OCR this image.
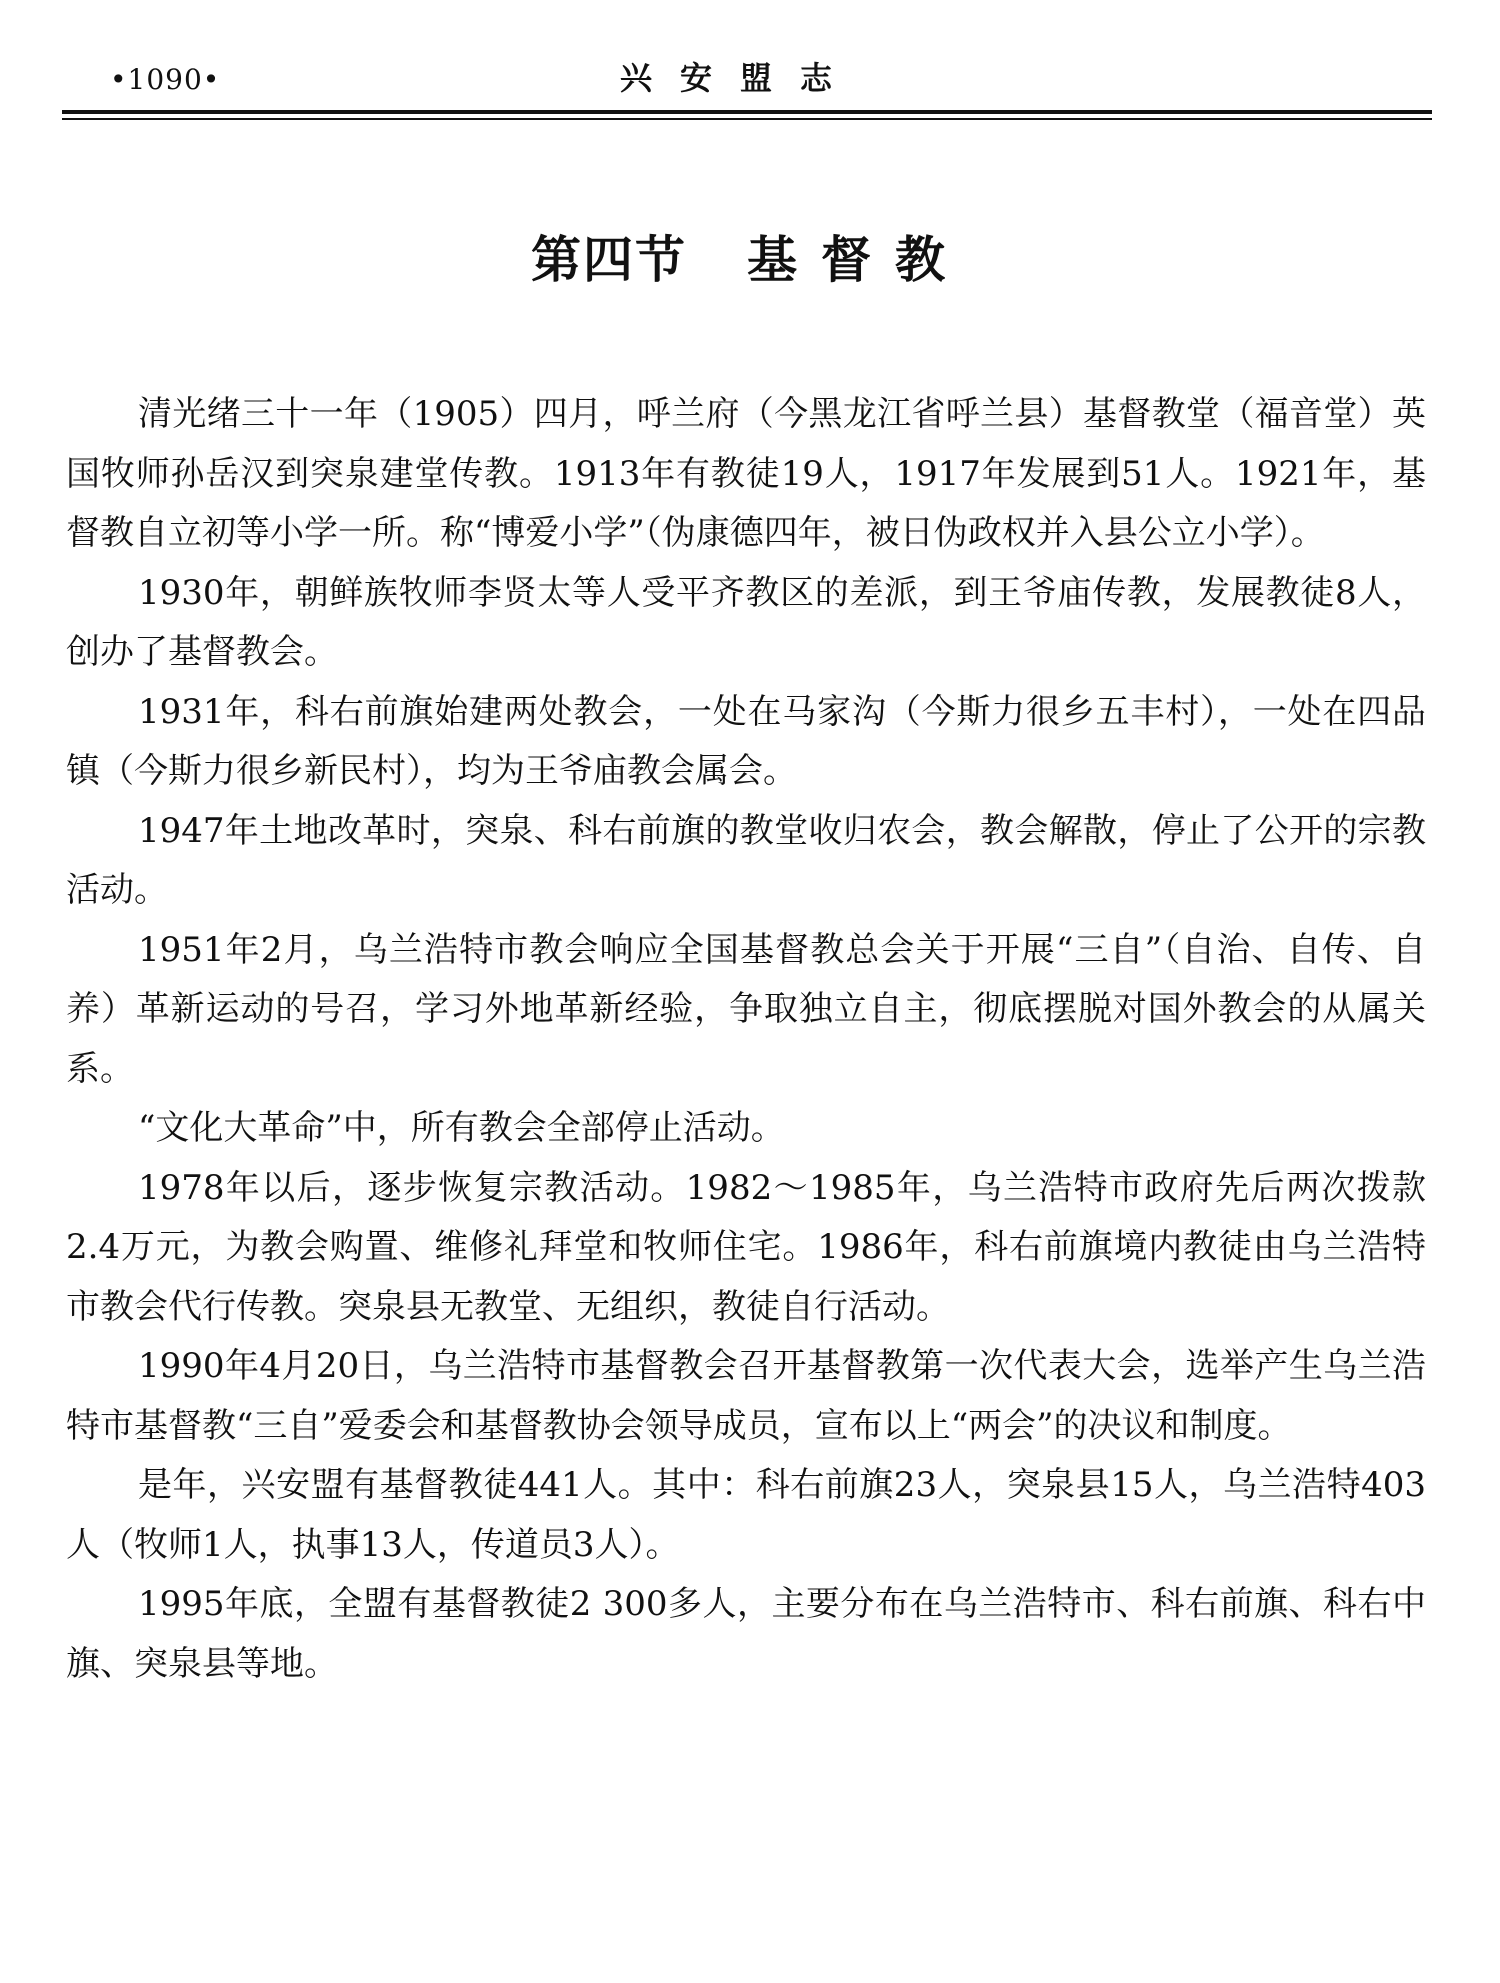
•1090•	兴安盟志
第四节 基督教

清光绪三十一年（1905）四月，呼兰府（今黑龙江省呼兰县）基督教堂（福音堂）英国牧师孙岳汉到突泉建堂传教。1913年有教徒19人，1917年发展到51人。1921年，基督教自立初等小学一所。称“博爱小学”（伪康德四年，被日伪政权并入县公立小学）。

1930年，朝鲜族牧师李贤太等人受平齐教区的差派，到王爷庙传教，发展教徒8人，创办了基督教会。

1931年，科右前旗始建两处教会，一处在马家沟（今斯力很乡五丰村），一处在四品镇（今斯力很乡新民村），均为王爷庙教会属会。

1947年土地改革时，突泉、科右前旗的教堂收归农会，教会解散，停止了公开的宗教活动。

1951年2月，乌兰浩特市教会响应全国基督教总会关于开展“三自”（自治、自传、自养）革新运动的号召，学习外地革新经验，争取独立自主，彻底摆脱对国外教会的从属关系。

“文化大革命”中，所有教会全部停止活动。

1978年以后，逐步恢复宗教活动。1982～1985年，乌兰浩特市政府先后两次拨款2.4万元，为教会购置、维修礼拜堂和牧师住宅。1986年，科右前旗境内教徒由乌兰浩特市教会代行传教。突泉县无教堂、无组织，教徒自行活动。

1990年4月20日，乌兰浩特市基督教会召开基督教第一次代表大会，选举产生乌兰浩特市基督教“三自”爱委会和基督教协会领导成员，宣布以上“两会”的决议和制度。

是年，兴安盟有基督教徒441人。其中：科右前旗23人，突泉县15人，乌兰浩特403人（牧师1人，执事13人，传道员3人）。

1995年底，全盟有基督教徒2 300多人，主要分布在乌兰浩特市、科右前旗、科右中旗、突泉县等地。
